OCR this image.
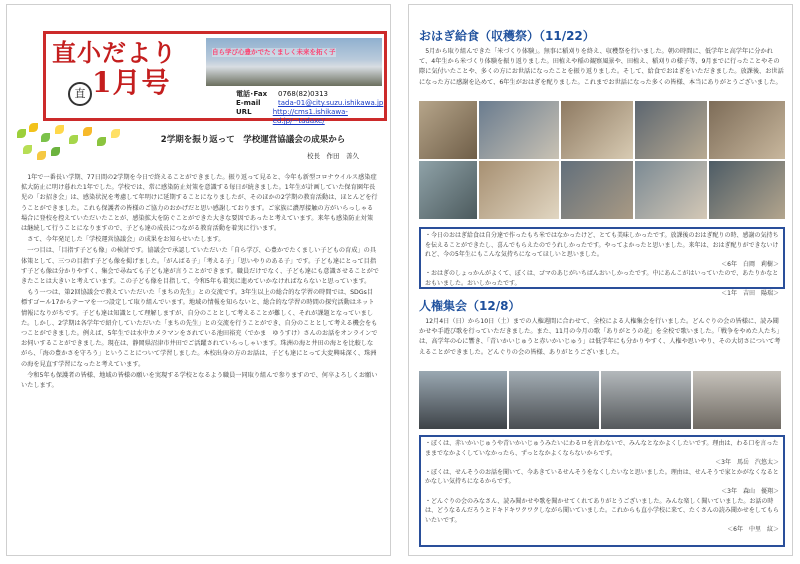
直小だより
1月号
直
自ら学び心豊かでたくましく未来を拓く子
電話･Fax	0768(82)0313
E-mail	tada-01@city.suzu.ishikawa.jp
URL	http://cms1.ishikawa-ed.jp/~tadaxe/
2学期を振り返って　学校運営協議会の成果から
校長　作田　善久

1年で一番長い学期、77日間の2学期を今日で終えることができました。振り返って見ると、今年も新型コロナウイルス感染症拡大防止に明け暮れた1年でした。学校では、常に感染防止対策を意識する毎日が続きました。1年生が計画していた保育園年長児の「お招き会」は、感染状況を考慮して年明けに延期することになりましたが、そのほかの2学期の教育活動は、ほとんどを行うことができました。これも保護者の皆様のご協力のおかげだと思い感謝しております。ご家族に濃厚接触の方がいらっしゃる場合に登校を控えていただいたことが、感染拡大を防ぐことができた大きな要因であったと考えています。来年も感染防止対策は継続して行うことになりますので、子ども達の成長につながる教育活動を着実に行います。

さて、今年発足した「学校運営協議会」の成果をお知らせいたします。

一つ目は、「目指す子ども像」の検討です。協議会で承認していただいた「自ら学び、心豊かでたくましい子どもの育成」の具体策として、三つの目指す子ども像を掲げました。「がんばる子」「考える子」「思いやりのある子」です。子ども達にとって目指す子ども像は分かりやすく、集会で尋ねても子ども達が言うことができます。職員だけでなく、子ども達にも意識させることができたことは大きいと考えています。この子ども像を目指して、令和5年も着実に進めていかなければならないと思っています。

もう一つは、第2回協議会で教えていただいた「まちの先生」との交流です。3年生以上の総合的な学習の時間では、SDGs目標すゴール17からテーマを一つ設定して取り組んでいます。地域の情報を知らないと、総合的な学習の時間の探究活動はネット情報になりがちです。子ども達は知識として理解しますが、自分のこととして考えることが難しく、それが課題となっていました。しかし、2学期は各学年で紹介していただいた「まちの先生」との交流を行うことができ、自分のこととして考える機会をもつことができました。例えば、5年生では水中カメラマンをされている池田裕充（でかま　ゆうすけ）さんのお話をオンラインでお伺いすることができました。現在は、静岡県沼津市井田でご活躍されていらっしゃいます。珠洲の海と井田の海とを比較しながら、「海の豊かさを守ろう」ということについて学習しました。本校出身の方のお話は、子ども達にとって大変興味深く、珠洲の海を見直す学習になったと考えています。

令和5年も保護者の皆様、地域の皆様の願いを実現する学校となるよう職員一同取り組んで参りますので、何卒よろしくお願いいたします。

おはぎ給食（収穫祭）（11/22）

5月から取り組んできた「米づくり体験」。無事に稲刈りを終え、収穫祭を行いました。朝の時間に、低学年と高学年に分かれて、4年生から米づくり体験を振り返りました。田植えや稲の観察風景や、田植え、稲刈りの様子等、9月までに行ったことやその際に気付いたことや、多くの方にお世話になったことを振り返りました。そして、給食でおはぎをいただきました。放課後、お世話になった方に感謝を込めて、6年生がおはぎを配りました。これまでお世話になった多くの皆様、本当にありがとうございました。

・今日のおはぎ給食は自分達で作ったもち米ではなかったけど、とても美味しかったです。放課後のおはぎ配りの時、感謝の気持ちを伝えることができたし、喜んでもらえたのでうれしかったです。やってよかったと思いました。来年は、おはぎ配りができないけれど、今の5年生にもこんな気持ちになってほしいと思いました。

＜6年　白岡　莉樹＞

・おはぎのしょっかんがよくて、ぼくは、ゴマのあじがいちばんおいしかったです。中にあんこがはいっていたので、あたりかなとおもいました。おいしかったです。

＜1年　吉田　陽瑞＞

人権集会（12/8）

12月4日（日）から10日（土）までの人権週間に合わせて、全校による人権集会を行いました。どんぐりの会の皆様に、読み聞かせや手遊び歌を行っていただきました。また、11月の今月の歌「ありがとうの花」を全校で歌いました。「戦争をやめた人たち」は、高学年の心に響き、「青いかいじゅうと赤いかいじゅう」は低学年にも分かりやすく、人権や思いやり、その大切さについて考えることができました。どんぐりの会の皆様、ありがとうございました。

・ぼくは、赤いかいじゅうや青いかいじゅうみたいにわるロを言わないで、みんなとなかよくしたいです。理由は、わる口を言ったままでなかよくしていなかったら、ずっとなかよくならないからです。

＜3年　馬岳　汽悠太＞

・ぼくは、せんそうのお話を聞いて、今あきているせんそうをなくしたいなと思いました。理由は、せんそうで家とかがなくなるとかなしい気持ちになるからです。

＜3年　森山　優翔＞

・どんぐりの会のみなさん、読み聞かせや歌を聞かせてくれてありがとうございました。みんな楽しく聞いていました。お話の時は、どうなるんだろうとドキドキワクワクしながら聞いていました。これからも直小学校に来て、たくさんの読み聞かせをしてもらいたいです。

＜6年　中里　紋＞
